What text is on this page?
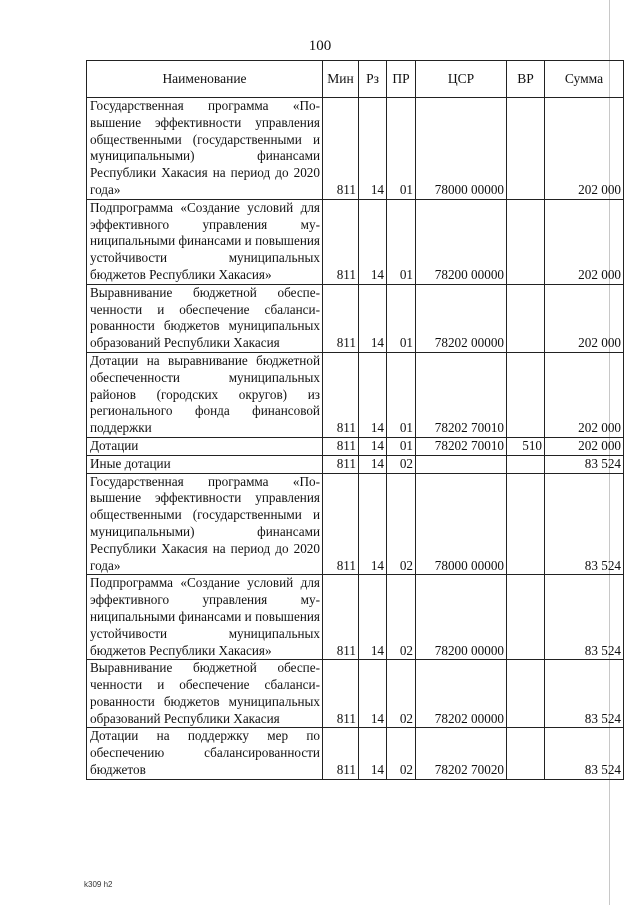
100
Наименование	Мин	Рз	ПР	ЦСР	ВР	Сумма
Государственная программа «Повышение эффективности управления общественными (государственными и муниципальными) финансами Республики Хакасия на период до 2020 года»	811	14	01	78000 00000		202 000
Подпрограмма «Создание условий для эффективного управления муниципальными финансами и повышения устойчивости муниципальных бюджетов Республики Хакасия»	811	14	01	78200 00000		202 000
Выравнивание бюджетной обеспеченности и обеспечение сбалансированности бюджетов муниципальных образований Республики Хакасия	811	14	01	78202 00000		202 000
Дотации на выравнивание бюджетной обеспеченности муниципальных районов (городских округов) из регионального фонда финансовой поддержки	811	14	01	78202 70010		202 000
Дотации	811	14	01	78202 70010	510	202 000
Иные дотации	811	14	02			83 524
Государственная программа «Повышение эффективности управления общественными (государственными и муниципальными) финансами Республики Хакасия на период до 2020 года»	811	14	02	78000 00000		83 524
Подпрограмма «Создание условий для эффективного управления муниципальными финансами и повышения устойчивости муниципальных бюджетов Республики Хакасия»	811	14	02	78200 00000		83 524
Выравнивание бюджетной обеспеченности и обеспечение сбалансированности бюджетов муниципальных образований Республики Хакасия	811	14	02	78202 00000		83 524
Дотации на поддержку мер по обеспечению сбалансированности бюджетов	811	14	02	78202 70020		83 524
k309 h2
